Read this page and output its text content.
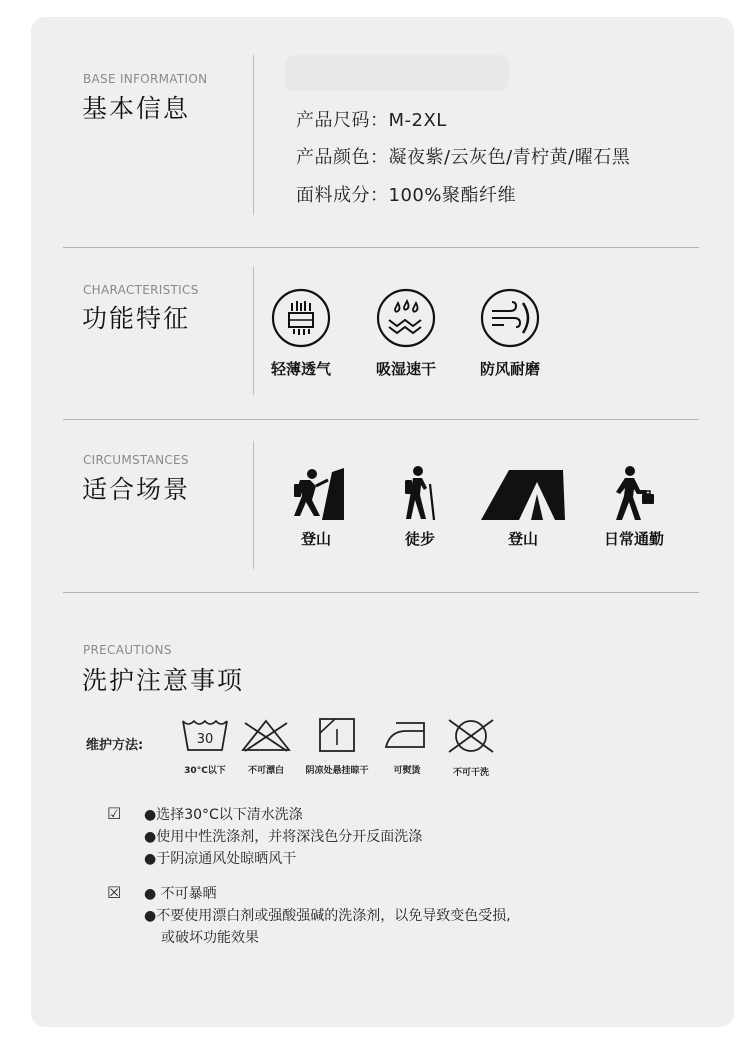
BASE INFORMATION
基本信息	产品尺码：M-2XL
产品颜色：凝夜紫/云灰色/青柠黄/曜石黑
面料成分：100%聚酯纤维
CHARACTERISTICS
功能特征
轻薄透气	吸湿速干	防风耐磨
CIRCUMSTANCES
适合场景
登山	徒步	登山	日常通勤
PRECAUTIONS
洗护注意事项
维护方法:	30
30°C以下	不可漂白	阴凉处悬挂晾干	可熨烫	不可干洗
☑ ●选择30°C以下清水洗涤
●使用中性洗涤剂，并将深浅色分开反面洗涤
●于阴凉通风处晾晒风干
☒ ● 不可暴晒
●不要使用漂白剂或强酸强碱的洗涤剂，以免导致变色受损,
或破坏功能效果
